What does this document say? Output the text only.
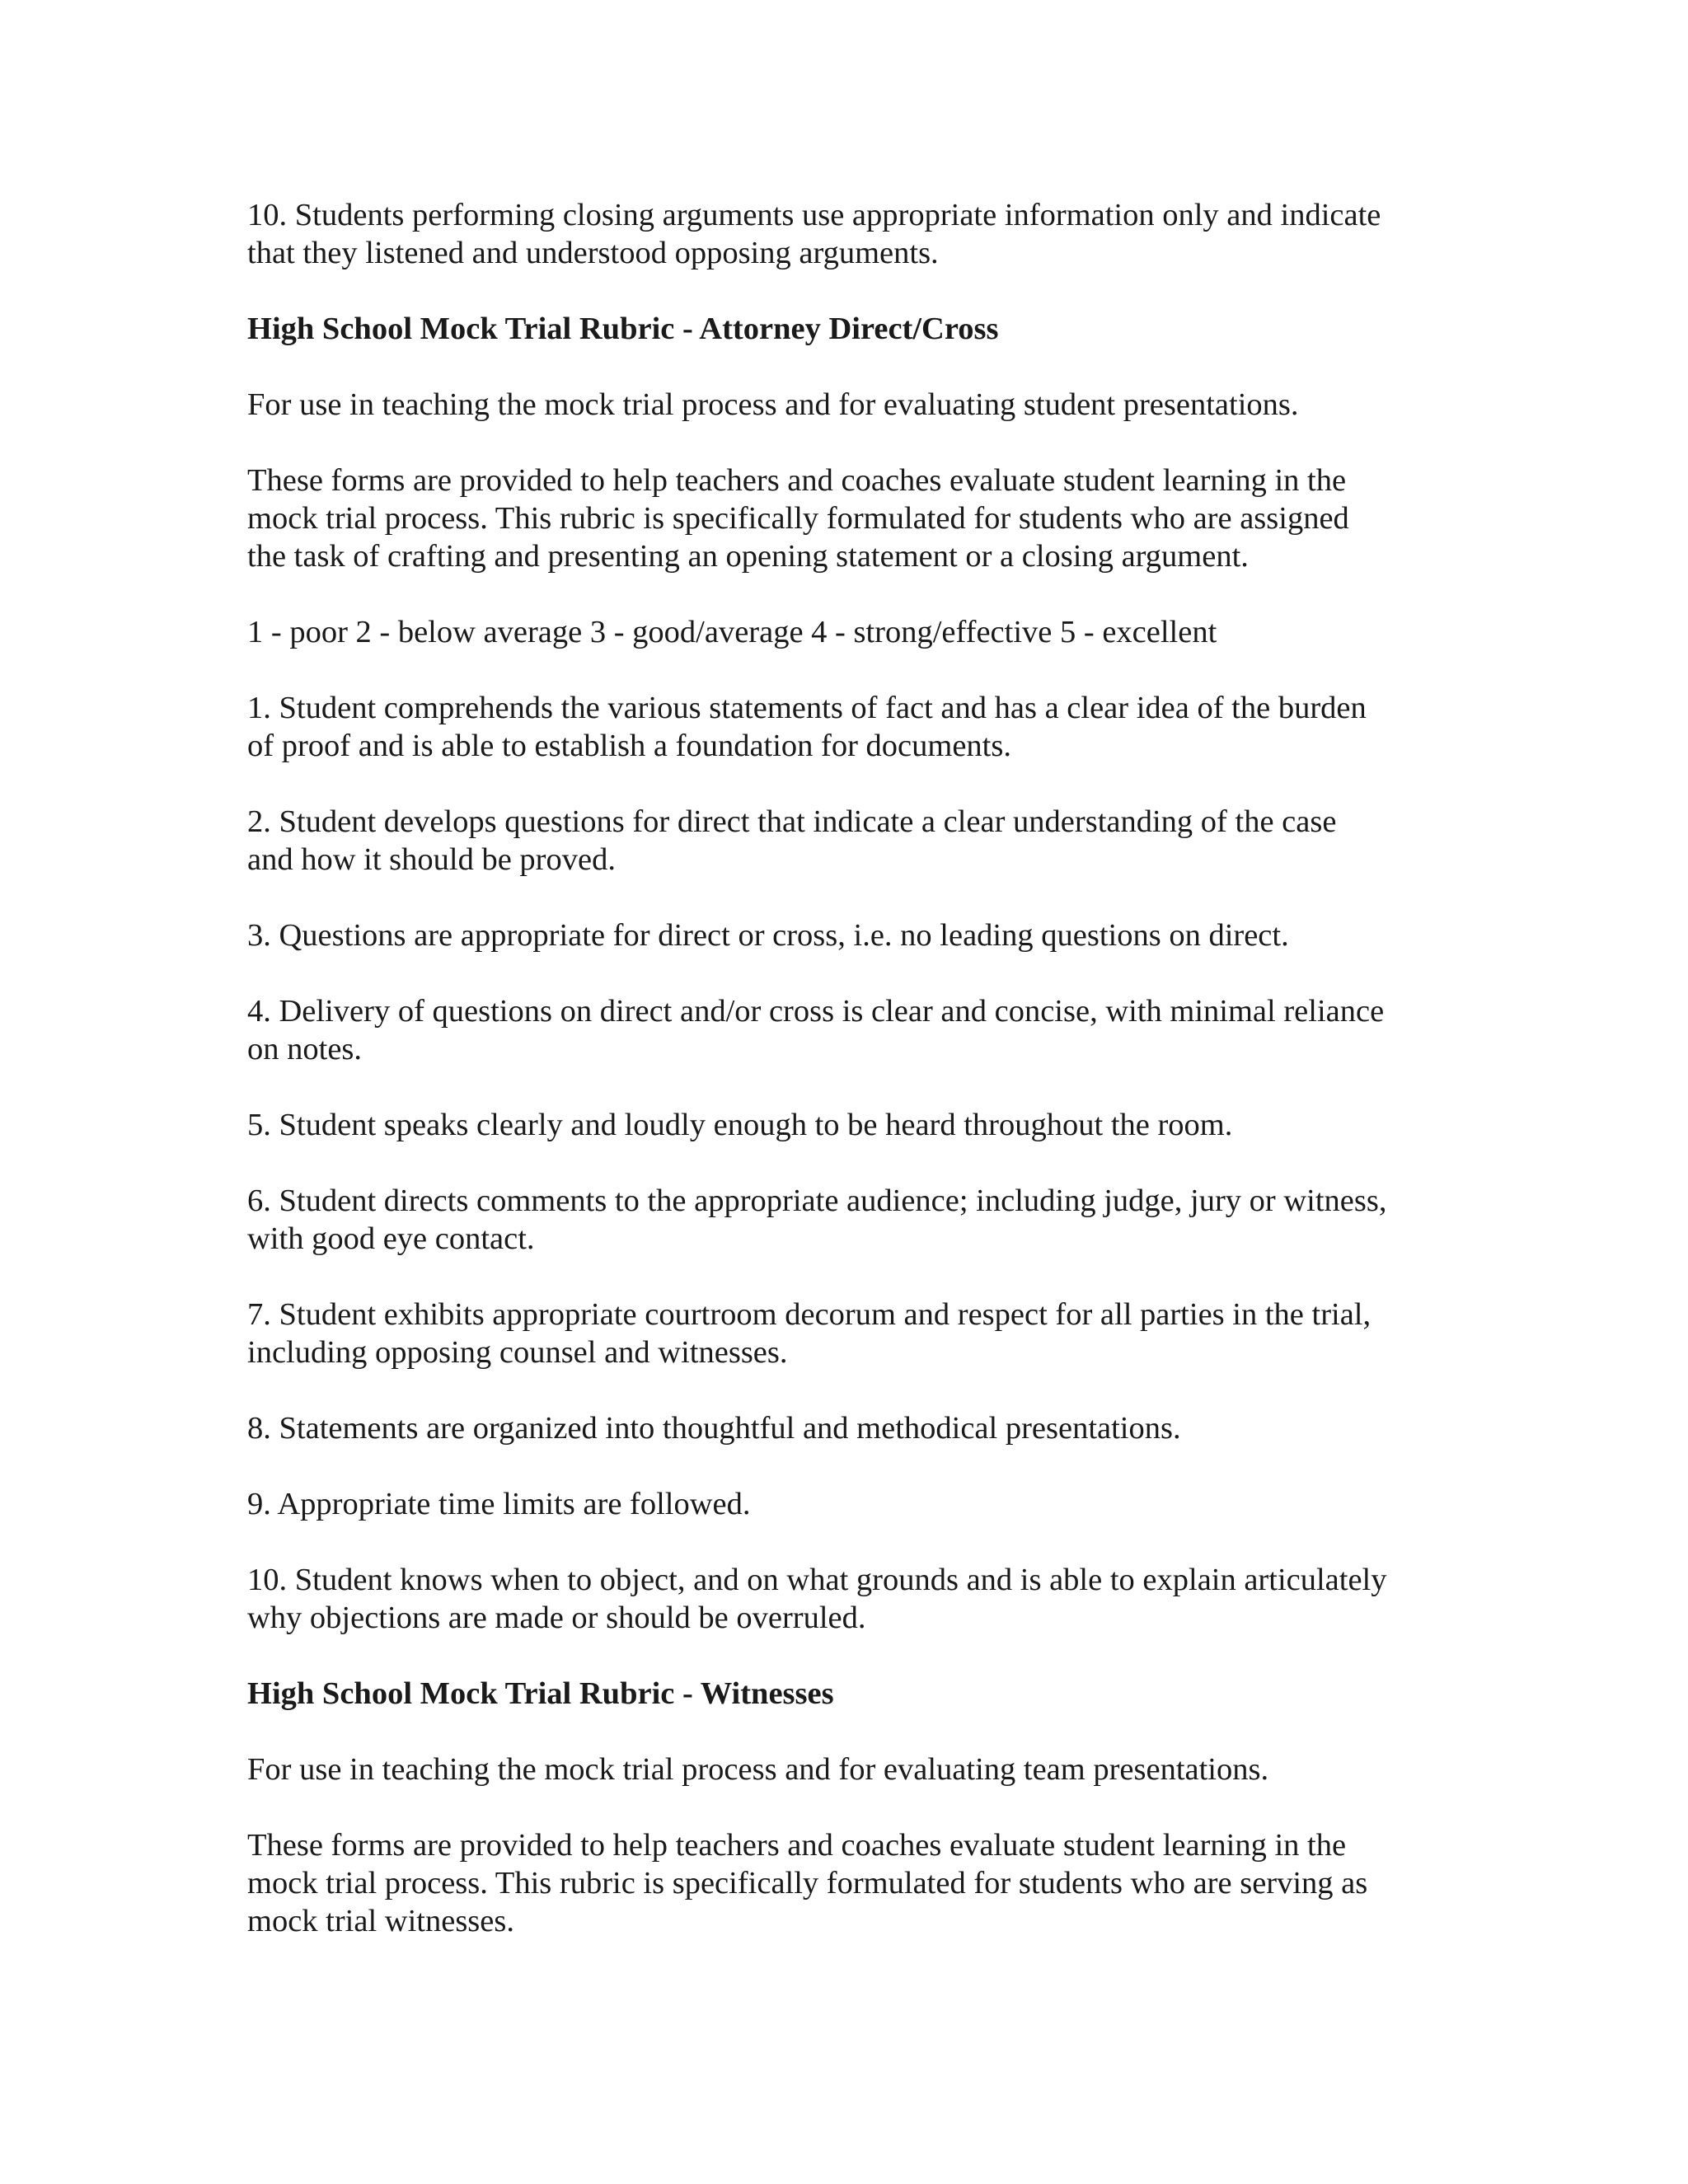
10. Students performing closing arguments use appropriate information only and indicate
that they listened and understood opposing arguments.
High School Mock Trial Rubric - Attorney Direct/Cross
For use in teaching the mock trial process and for evaluating student presentations.
These forms are provided to help teachers and coaches evaluate student learning in the
mock trial process. This rubric is specifically formulated for students who are assigned
the task of crafting and presenting an opening statement or a closing argument.
1 - poor 2 - below average 3 - good/average 4 - strong/effective 5 - excellent
1. Student comprehends the various statements of fact and has a clear idea of the burden
of proof and is able to establish a foundation for documents.
2. Student develops questions for direct that indicate a clear understanding of the case
and how it should be proved.
3. Questions are appropriate for direct or cross, i.e. no leading questions on direct.
4. Delivery of questions on direct and/or cross is clear and concise, with minimal reliance
on notes.
5. Student speaks clearly and loudly enough to be heard throughout the room.
6. Student directs comments to the appropriate audience; including judge, jury or witness,
with good eye contact.
7. Student exhibits appropriate courtroom decorum and respect for all parties in the trial,
including opposing counsel and witnesses.
8. Statements are organized into thoughtful and methodical presentations.
9. Appropriate time limits are followed.
10. Student knows when to object, and on what grounds and is able to explain articulately
why objections are made or should be overruled.
High School Mock Trial Rubric - Witnesses
For use in teaching the mock trial process and for evaluating team presentations.
These forms are provided to help teachers and coaches evaluate student learning in the
mock trial process. This rubric is specifically formulated for students who are serving as
mock trial witnesses.
